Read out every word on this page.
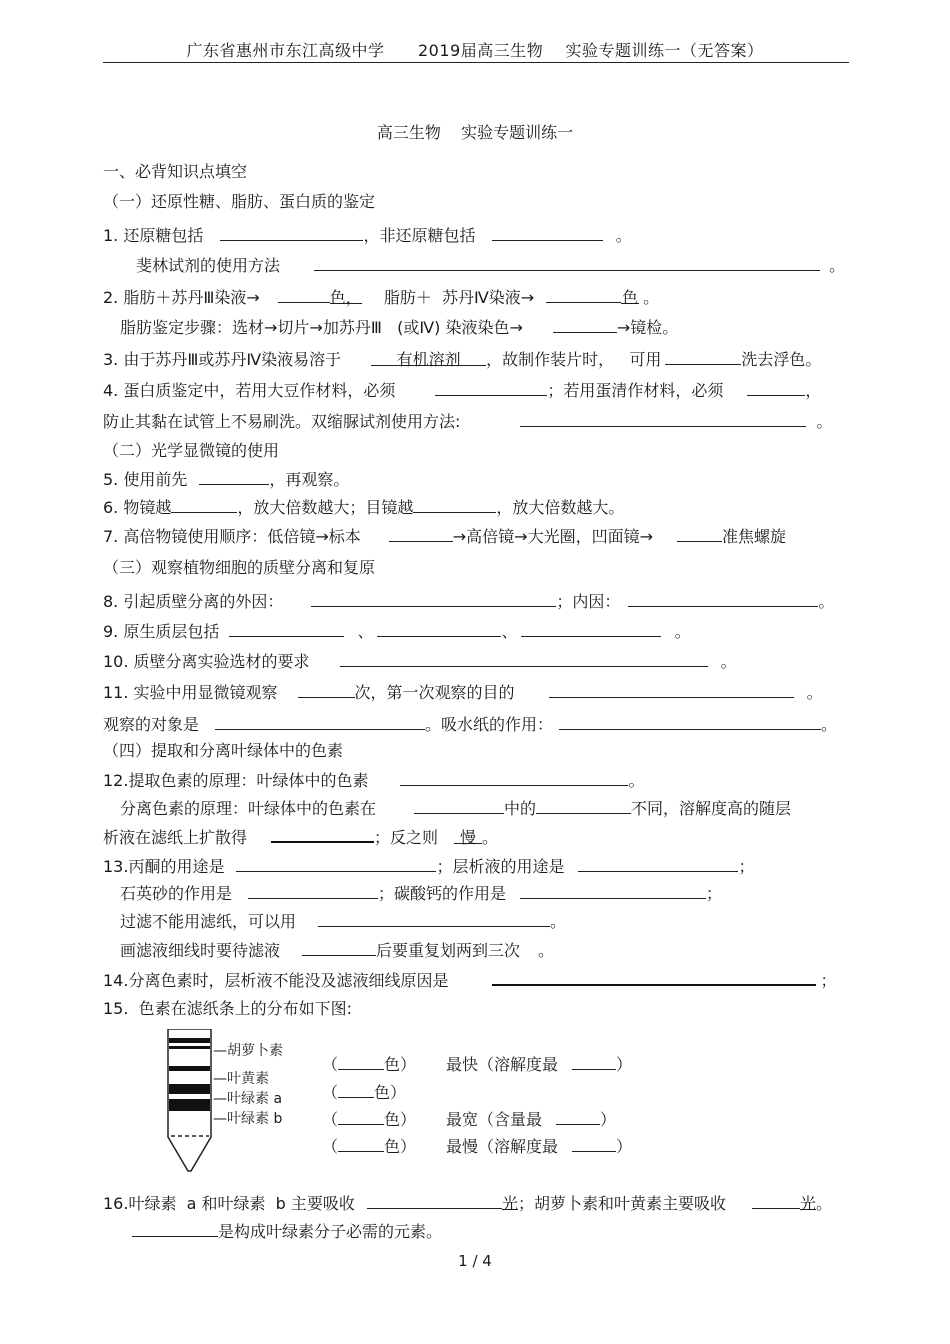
广东省惠州市东江高级中学      2019届高三生物    实验专题训练一（无答案）
高三生物    实验专题训练一
一、必背知识点填空
（一）还原性糖、脂肪、蛋白质的鉴定
1. 还原糖包括	，非还原糖包括	。
斐林试剂的使用方法	。
2. 脂肪＋苏丹Ⅲ染液→	色， 脂肪＋  苏丹Ⅳ染液→	色 。
脂肪鉴定步骤：选材→切片→加苏丹Ⅲ   (或Ⅳ) 染液染色→	→镜检。
3. 由于苏丹Ⅲ或苏丹Ⅳ染液易溶于	有机溶剂 ，故制作装片时，   可用	洗去浮色。
4. 蛋白质鉴定中，若用大豆作材料，必须	；若用蛋清作材料，必须	，
防止其黏在试管上不易刷洗。双缩脲试剂使用方法:	。
（二）光学显微镜的使用
5. 使用前先	，再观察。
6. 物镜越	，放大倍数越大；目镜越	，放大倍数越大。
7. 高倍物镜使用顺序：低倍镜→标本	→高倍镜→大光圈，凹面镜→	准焦螺旋
（三）观察植物细胞的质壁分离和复原
8. 引起质壁分离的外因：	；内因：	。
9. 原生质层包括	、	、	。
10. 质壁分离实验选材的要求	。
11. 实验中用显微镜观察	次，第一次观察的目的	。
观察的对象是	。吸水纸的作用：	。
（四）提取和分离叶绿体中的色素
12.提取色素的原理：叶绿体中的色素	。
分离色素的原理：叶绿体中的色素在	中的	不同，溶解度高的随层
析液在滤纸上扩散得	；反之则 慢 。
13.丙酮的用途是	；层析液的用途是	；
石英砂的作用是	；碳酸钙的作用是	；
过滤不能用滤纸，可以用	。
画滤液细线时要待滤液	后要重复划两到三次 。
14.分离色素时，层析液不能没及滤液细线原因是	；
15.  色素在滤纸条上的分布如下图:
—胡萝卜素
—叶黄素
—叶绿素 a
—叶绿素 b
（	色） 最快（溶解度最	）
（ 色）
（	色） 最宽（含量最	）
（	色） 最慢（溶解度最	）
16.叶绿素  a 和叶绿素  b 主要吸收	光；胡萝卜素和叶黄素主要吸收	光。
是构成叶绿素分子必需的元素。
1 / 4
